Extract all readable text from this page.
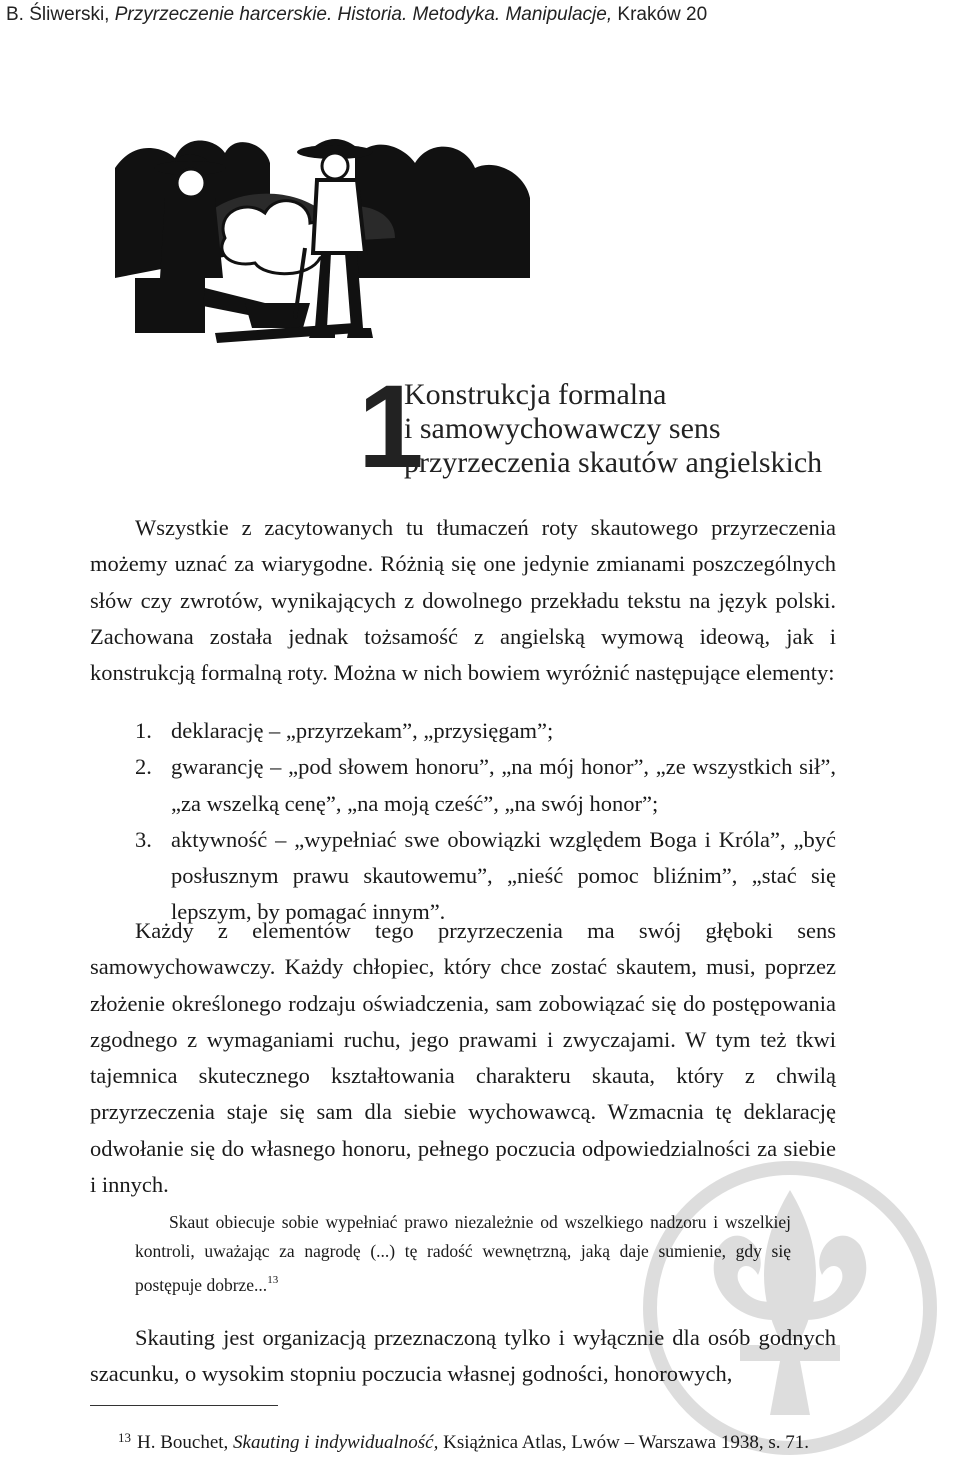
B. Śliwerski, Przyrzeczenie harcerskie. Historia. Metodyka. Manipulacje, Kraków 20
1
Konstrukcja formalna
i samowychowawczy sens
przyrzeczenia skautów angielskich

Wszystkie z zacytowanych tu tłumaczeń roty skautowego przyrzeczenia możemy uznać za wiarygodne. Różnią się one jedynie zmianami poszczególnych słów czy zwrotów, wynikających z dowolnego przekładu tekstu na język polski. Zachowana została jednak tożsamość z angielską wymową ideową, jak i konstrukcją formalną roty. Można w nich bowiem wyróżnić następujące elementy:

1. deklarację – „przyrzekam”, „przysięgam”;
2. gwarancję – „pod słowem honoru”, „na mój honor”, „ze wszystkich sił”, „za wszelką cenę”, „na moją cześć”, „na swój honor”;
3. aktywność – „wypełniać swe obowiązki względem Boga i Króla”, „być posłusznym prawu skautowemu”, „nieść pomoc bliźnim”, „stać się lepszym, by pomagać innym”.

Każdy z elementów tego przyrzeczenia ma swój głęboki sens samowychowawczy. Każdy chłopiec, który chce zostać skautem, musi, poprzez złożenie określonego rodzaju oświadczenia, sam zobowiązać się do postępowania zgodnego z wymaganiami ruchu, jego prawami i zwyczajami. W tym też tkwi tajemnica skutecznego kształtowania charakteru skauta, który z chwilą przyrzeczenia staje się sam dla siebie wychowawcą. Wzmacnia tę deklarację odwołanie się do własnego honoru, pełnego poczucia odpowiedzialności za siebie i innych.

Skaut obiecuje sobie wypełniać prawo niezależnie od wszelkiego nadzoru i wszelkiej kontroli, uważając za nagrodę (...) tę radość wewnętrzną, jaką daje sumienie, gdy się postępuje dobrze...$^{13}$

Skauting jest organizacją przeznaczoną tylko i wyłącznie dla osób godnych szacunku, o wysokim stopniu poczucia własnej godności, honorowych,

$^{13}$ H. Bouchet, Skauting i indywidualność, Książnica Atlas, Lwów – Warszawa 1938, s. 71.
